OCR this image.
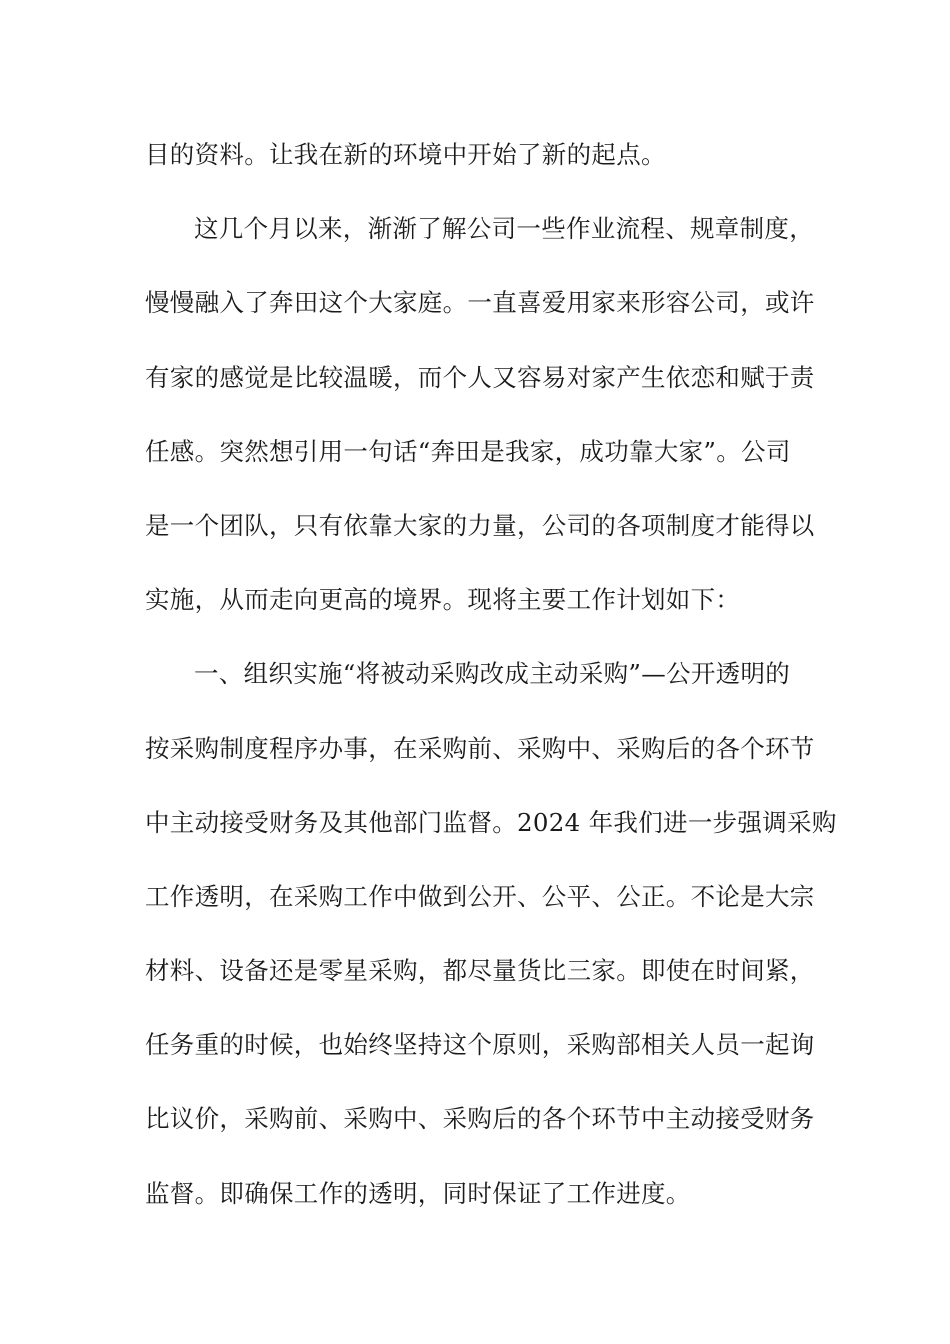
目的资料。让我在新的环境中开始了新的起点。
这几个月以来，渐渐了解公司一些作业流程、规章制度，
慢慢融入了奔田这个大家庭。一直喜爱用家来形容公司，或许
有家的感觉是比较温暖，而个人又容易对家产生依恋和赋于责
任感。突然想引用一句话“奔田是我家，成功靠大家”。公司
是一个团队，只有依靠大家的力量，公司的各项制度才能得以
实施，从而走向更高的境界。现将主要工作计划如下：
一、组织实施“将被动采购改成主动采购”—公开透明的
按采购制度程序办事，在采购前、采购中、采购后的各个环节
中主动接受财务及其他部门监督。2024 年我们进一步强调采购
工作透明，在采购工作中做到公开、公平、公正。不论是大宗
材料、设备还是零星采购，都尽量货比三家。即使在时间紧，
任务重的时候，也始终坚持这个原则，采购部相关人员一起询
比议价，采购前、采购中、采购后的各个环节中主动接受财务
监督。即确保工作的透明，同时保证了工作进度。
